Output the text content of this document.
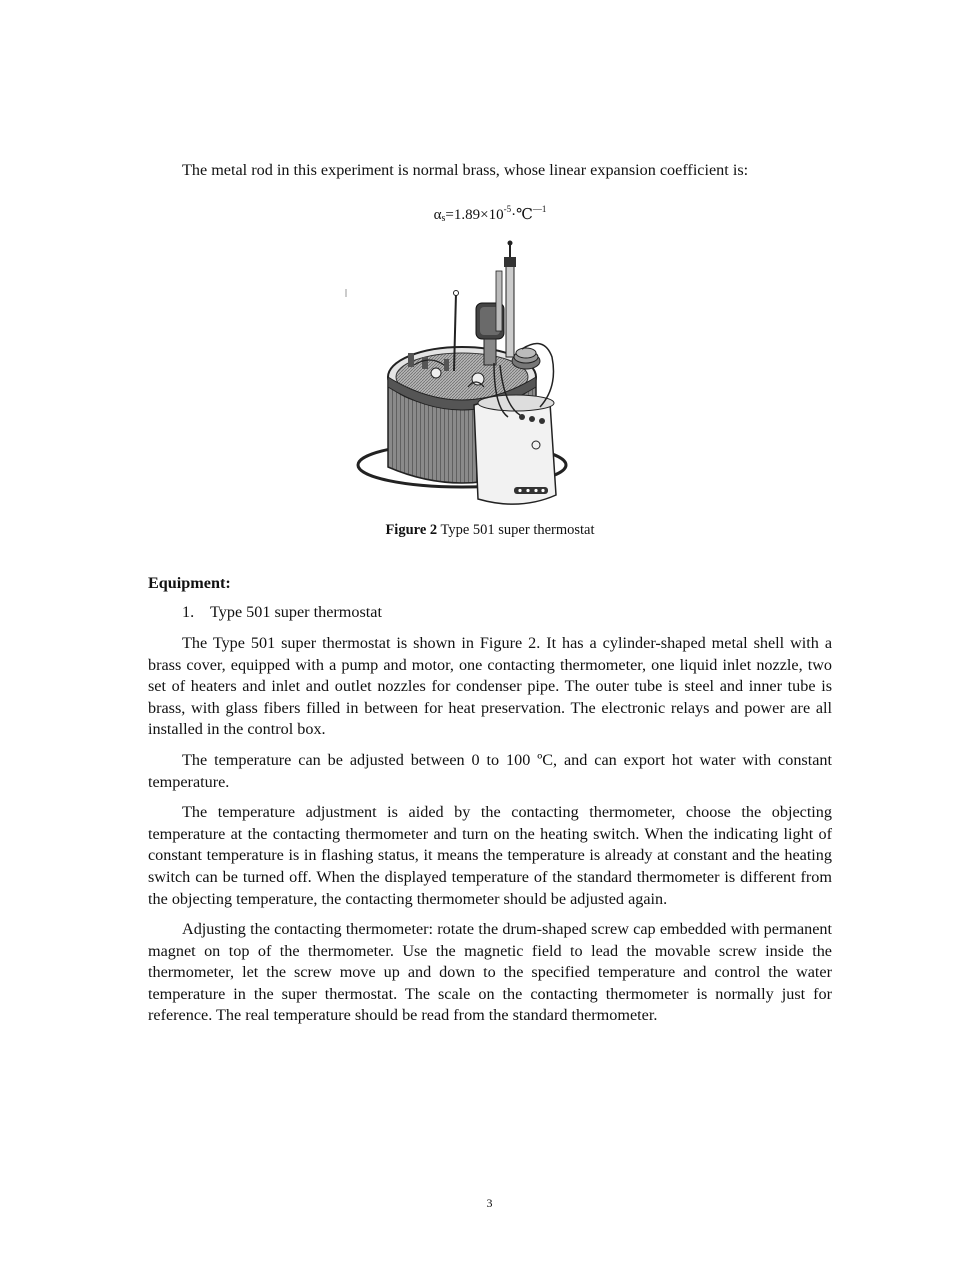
The metal rod in this experiment is normal brass, whose linear expansion coefficient is:

$\alpha_s=1.89\times 10^{-5}\cdot℃^{—1}$
Figure 2 Type 501 super thermostat
Equipment:
1. Type 501 super thermostat

The Type 501 super thermostat is shown in Figure 2. It has a cylinder-shaped metal shell with a brass cover, equipped with a pump and motor, one contacting thermometer, one liquid inlet nozzle, two set of heaters and inlet and outlet nozzles for condenser pipe. The outer tube is steel and inner tube is brass, with glass fibers filled in between for heat preservation. The electronic relays and power are all installed in the control box.

The temperature can be adjusted between 0 to 100 ºC, and can export hot water with constant temperature.

The temperature adjustment is aided by the contacting thermometer, choose the objecting temperature at the contacting thermometer and turn on the heating switch. When the indicating light of constant temperature is in flashing status, it means the temperature is already at constant and the heating switch can be turned off. When the displayed temperature of the standard thermometer is different from the objecting temperature, the contacting thermometer should be adjusted again.

Adjusting the contacting thermometer: rotate the drum-shaped screw cap embedded with permanent magnet on top of the thermometer. Use the magnetic field to lead the movable screw inside the thermometer, let the screw move up and down to the specified temperature and control the water temperature in the super thermostat. The scale on the contacting thermometer is normally just for reference. The real temperature should be read from the standard thermometer.

3
